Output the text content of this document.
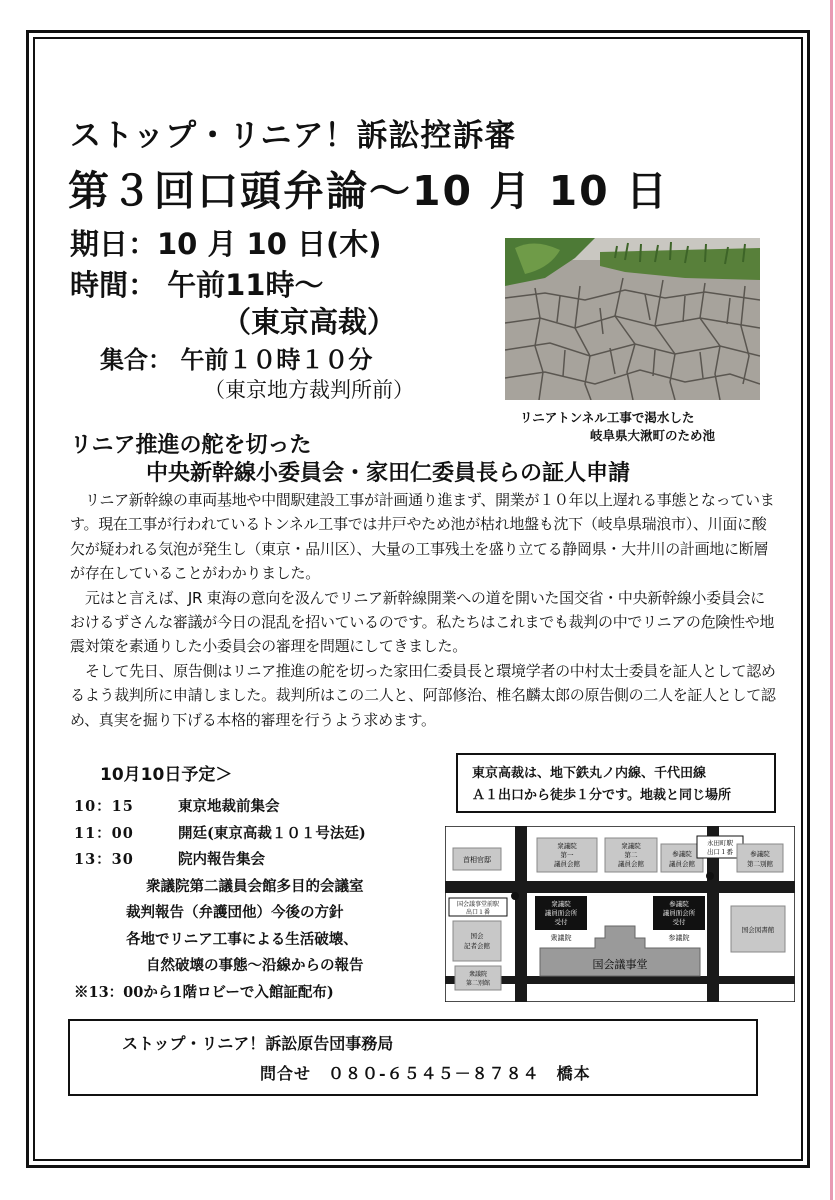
ストップ・リニア！訴訟控訴審
第３回口頭弁論～10 月 10 日
期日：10 月 10 日(木)
時間： 午前11時～
（東京高裁）
集合： 午前１０時１０分
（東京地方裁判所前）
リニアトンネル工事で渇水した
岐阜県大湫町のため池
リニア推進の舵を切った
中央新幹線小委員会・家田仁委員長らの証人申請

リニア新幹線の車両基地や中間駅建設工事が計画通り進まず、開業が１０年以上遅れる事態となっています。現在工事が行われているトンネル工事では井戸やため池が枯れ地盤も沈下（岐阜県瑞浪市）、川面に酸欠が疑われる気泡が発生し（東京・品川区）、大量の工事残土を盛り立てる静岡県・大井川の計画地に断層が存在していることがわかりました。

元はと言えば、JR 東海の意向を汲んでリニア新幹線開業への道を開いた国交省・中央新幹線小委員会におけるずさんな審議が今日の混乱を招いているのです。私たちはこれまでも裁判の中でリニアの危険性や地震対策を素通りした小委員会の審理を問題にしてきました。

そして先日、原告側はリニア推進の舵を切った家田仁委員長と環境学者の中村太士委員を証人として認めるよう裁判所に申請しました。裁判所はこの二人と、阿部修治、椎名麟太郎の原告側の二人を証人として認め、真実を掘り下げる本格的審理を行うよう求めます。

10月10日予定＞
10：15	東京地裁前集会
11：00	開廷(東京高裁１０１号法廷)
13：30	院内報告集会
衆議院第二議員会館多目的会議室
裁判報告（弁護団他）今後の方針
各地でリニア工事による生活破壊、
自然破壊の事態～沿線からの報告
※13：00から1階ロビーで入館証配布)
東京高裁は、地下鉄丸ノ内線、千代田線
Ａ１出口から徒歩１分です。地裁と同じ場所
首相官邸
衆議院
第一
議員会館
衆議院
第二
議員会館
参議院
議員会館
永田町駅
出口１番	参議院
第二別館
国会議事堂前駅
出口１番
衆議院
議員面会所
受付
参議院
議員面会所
受付
国会
記者会館
衆議院	参議院
国会議事堂
国会図書館
衆議院
第二別館
ストップ・リニア！訴訟原告団事務局
問合せ　０８０-６５４５－８７８４　橋本
